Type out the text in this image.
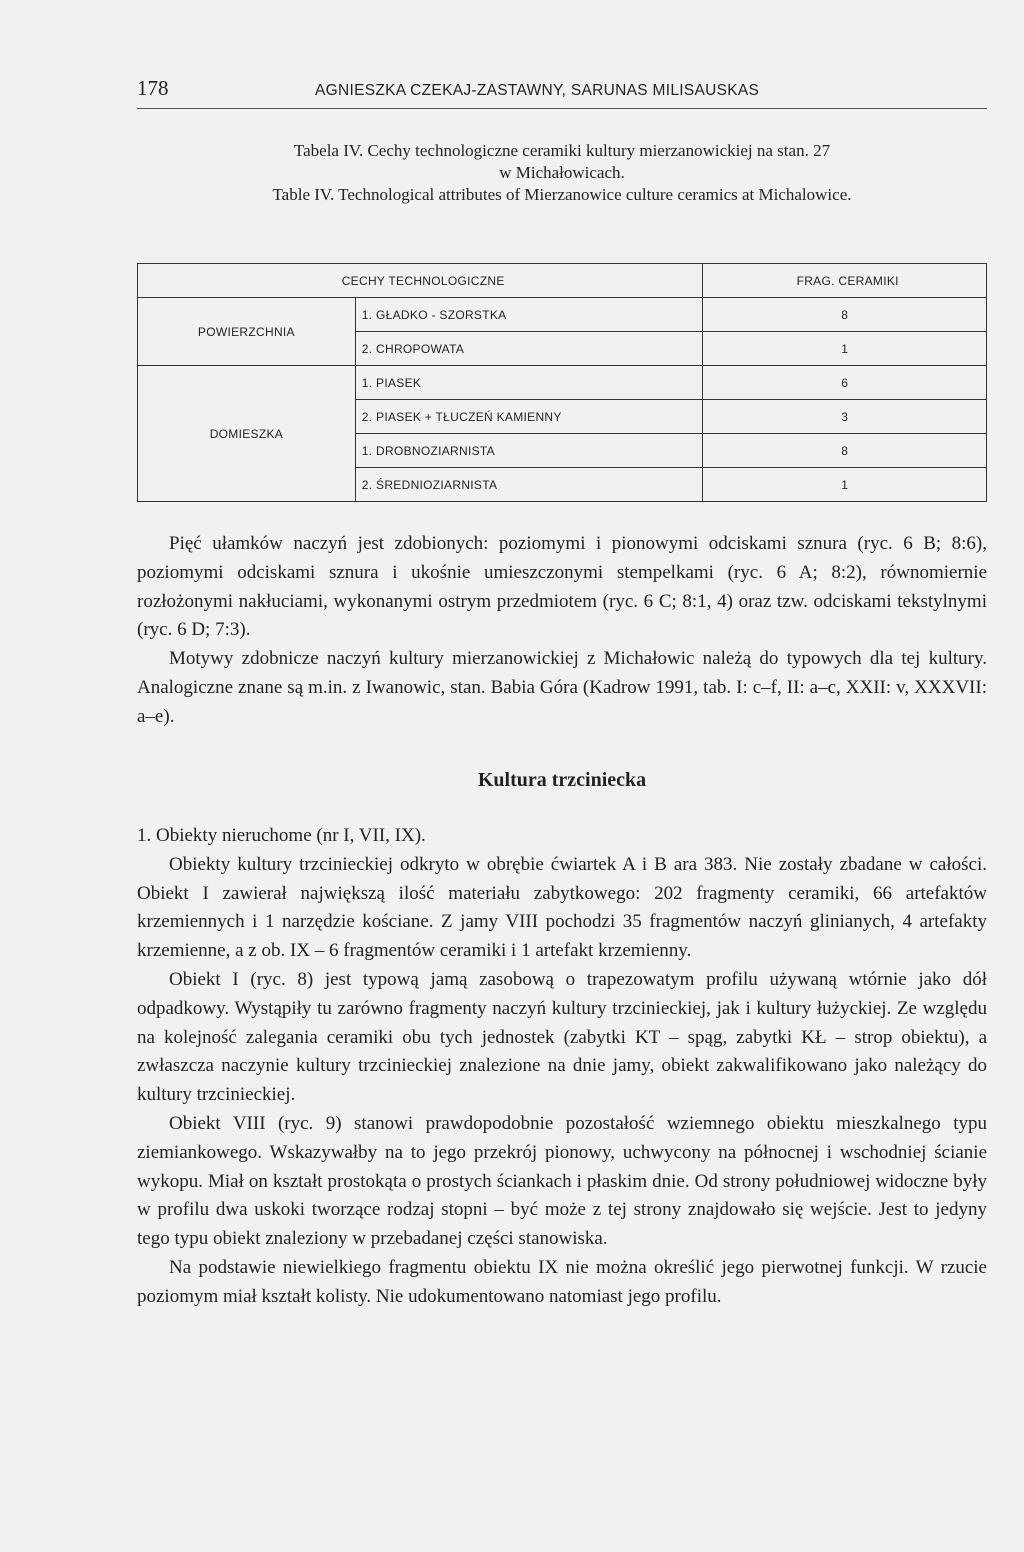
178	AGNIESZKA CZEKAJ-ZASTAWNY, SARUNAS MILISAUSKAS
Tabela IV. Cechy technologiczne ceramiki kultury mierzanowickiej na stan. 27
w Michałowicach.
Table IV. Technological attributes of Mierzanowice culture ceramics at Michalowice.
CECHY TECHNOLOGICZNE		FRAG. CERAMIKI
POWIERZCHNIA	1. GŁADKO - SZORSTKA	8
	2. CHROPOWATA	1
DOMIESZKA	1. PIASEK	6
	2. PIASEK + TŁUCZEŃ KAMIENNY	3
	1. DROBNOZIARNISTA	8
	2. ŚREDNIOZIARNISTA	1

Pięć ułamków naczyń jest zdobionych: poziomymi i pionowymi odciskami sznura (ryc. 6 B; 8:6), poziomymi odciskami sznura i ukośnie umieszczonymi stempelkami (ryc. 6 A; 8:2), równomiernie rozłożonymi nakłuciami, wykonanymi ostrym przedmiotem (ryc. 6 C; 8:1, 4) oraz tzw. odciskami tekstylnymi (ryc. 6 D; 7:3).

Motywy zdobnicze naczyń kultury mierzanowickiej z Michałowic należą do typowych dla tej kultury. Analogiczne znane są m.in. z Iwanowic, stan. Babia Góra (Kadrow 1991, tab. I: c–f, II: a–c, XXII: v, XXXVII: a–e).

Kultura trzciniecka

1. Obiekty nieruchome (nr I, VII, IX).

Obiekty kultury trzcinieckiej odkryto w obrębie ćwiartek A i B ara 383. Nie zostały zbadane w całości. Obiekt I zawierał największą ilość materiału zabytkowego: 202 fragmenty ceramiki, 66 artefaktów krzemiennych i 1 narzędzie kościane. Z jamy VIII pochodzi 35 fragmentów naczyń glinianych, 4 artefakty krzemienne, a z ob. IX – 6 fragmentów ceramiki i 1 artefakt krzemienny.

Obiekt I (ryc. 8) jest typową jamą zasobową o trapezowatym profilu używaną wtórnie jako dół odpadkowy. Wystąpiły tu zarówno fragmenty naczyń kultury trzcinieckiej, jak i kultury łużyckiej. Ze względu na kolejność zalegania ceramiki obu tych jednostek (zabytki KT – spąg, zabytki KŁ – strop obiektu), a zwłaszcza naczynie kultury trzcinieckiej znalezione na dnie jamy, obiekt zakwalifikowano jako należący do kultury trzcinieckiej.

Obiekt VIII (ryc. 9) stanowi prawdopodobnie pozostałość wziemnego obiektu mieszkalnego typu ziemiankowego. Wskazywałby na to jego przekrój pionowy, uchwycony na północnej i wschodniej ścianie wykopu. Miał on kształt prostokąta o prostych ściankach i płaskim dnie. Od strony południowej widoczne były w profilu dwa uskoki tworzące rodzaj stopni – być może z tej strony znajdowało się wejście. Jest to jedyny tego typu obiekt znaleziony w przebadanej części stanowiska.

Na podstawie niewielkiego fragmentu obiektu IX nie można określić jego pierwotnej funkcji. W rzucie poziomym miał kształt kolisty. Nie udokumentowano natomiast jego profilu.
